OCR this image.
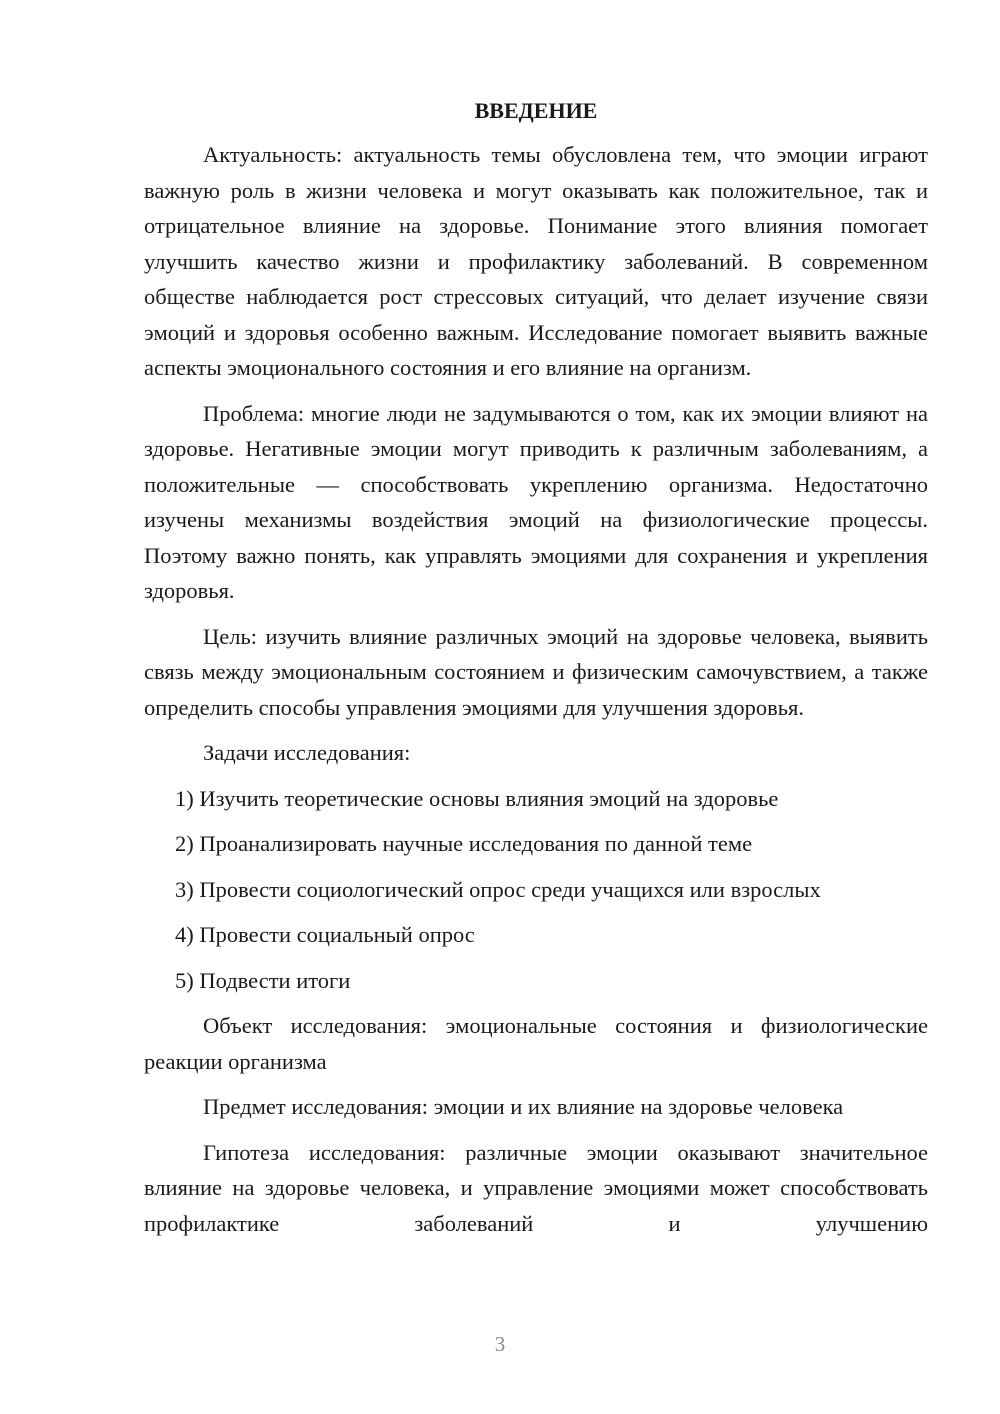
ВВЕДЕНИЕ

Актуальность: актуальность темы обусловлена тем, что эмоции играют важную роль в жизни человека и могут оказывать как положительное, так и отрицательное влияние на здоровье. Понимание этого влияния помогает улучшить качество жизни и профилактику заболеваний. В современном обществе наблюдается рост стрессовых ситуаций, что делает изучение связи эмоций и здоровья особенно важным. Исследование помогает выявить важные аспекты эмоционального состояния и его влияние на организм.

Проблема: многие люди не задумываются о том, как их эмоции влияют на здоровье. Негативные эмоции могут приводить к различным заболеваниям, а положительные — способствовать укреплению организма. Недостаточно изучены механизмы воздействия эмоций на физиологические процессы. Поэтому важно понять, как управлять эмоциями для сохранения и укрепления здоровья.

Цель: изучить влияние различных эмоций на здоровье человека, выявить связь между эмоциональным состоянием и физическим самочувствием, а также определить способы управления эмоциями для улучшения здоровья.

Задачи исследования:

1) Изучить теоретические основы влияния эмоций на здоровье

2) Проанализировать научные исследования по данной теме

3) Провести социологический опрос среди учащихся или взрослых

4) Провести социальный опрос

5) Подвести итоги

Объект исследования: эмоциональные состояния и физиологические реакции организма

Предмет исследования: эмоции и их влияние на здоровье человека

Гипотеза исследования: различные эмоции оказывают значительное влияние на здоровье человека, и управление эмоциями может способствовать профилактике заболеваний и улучшению

3
